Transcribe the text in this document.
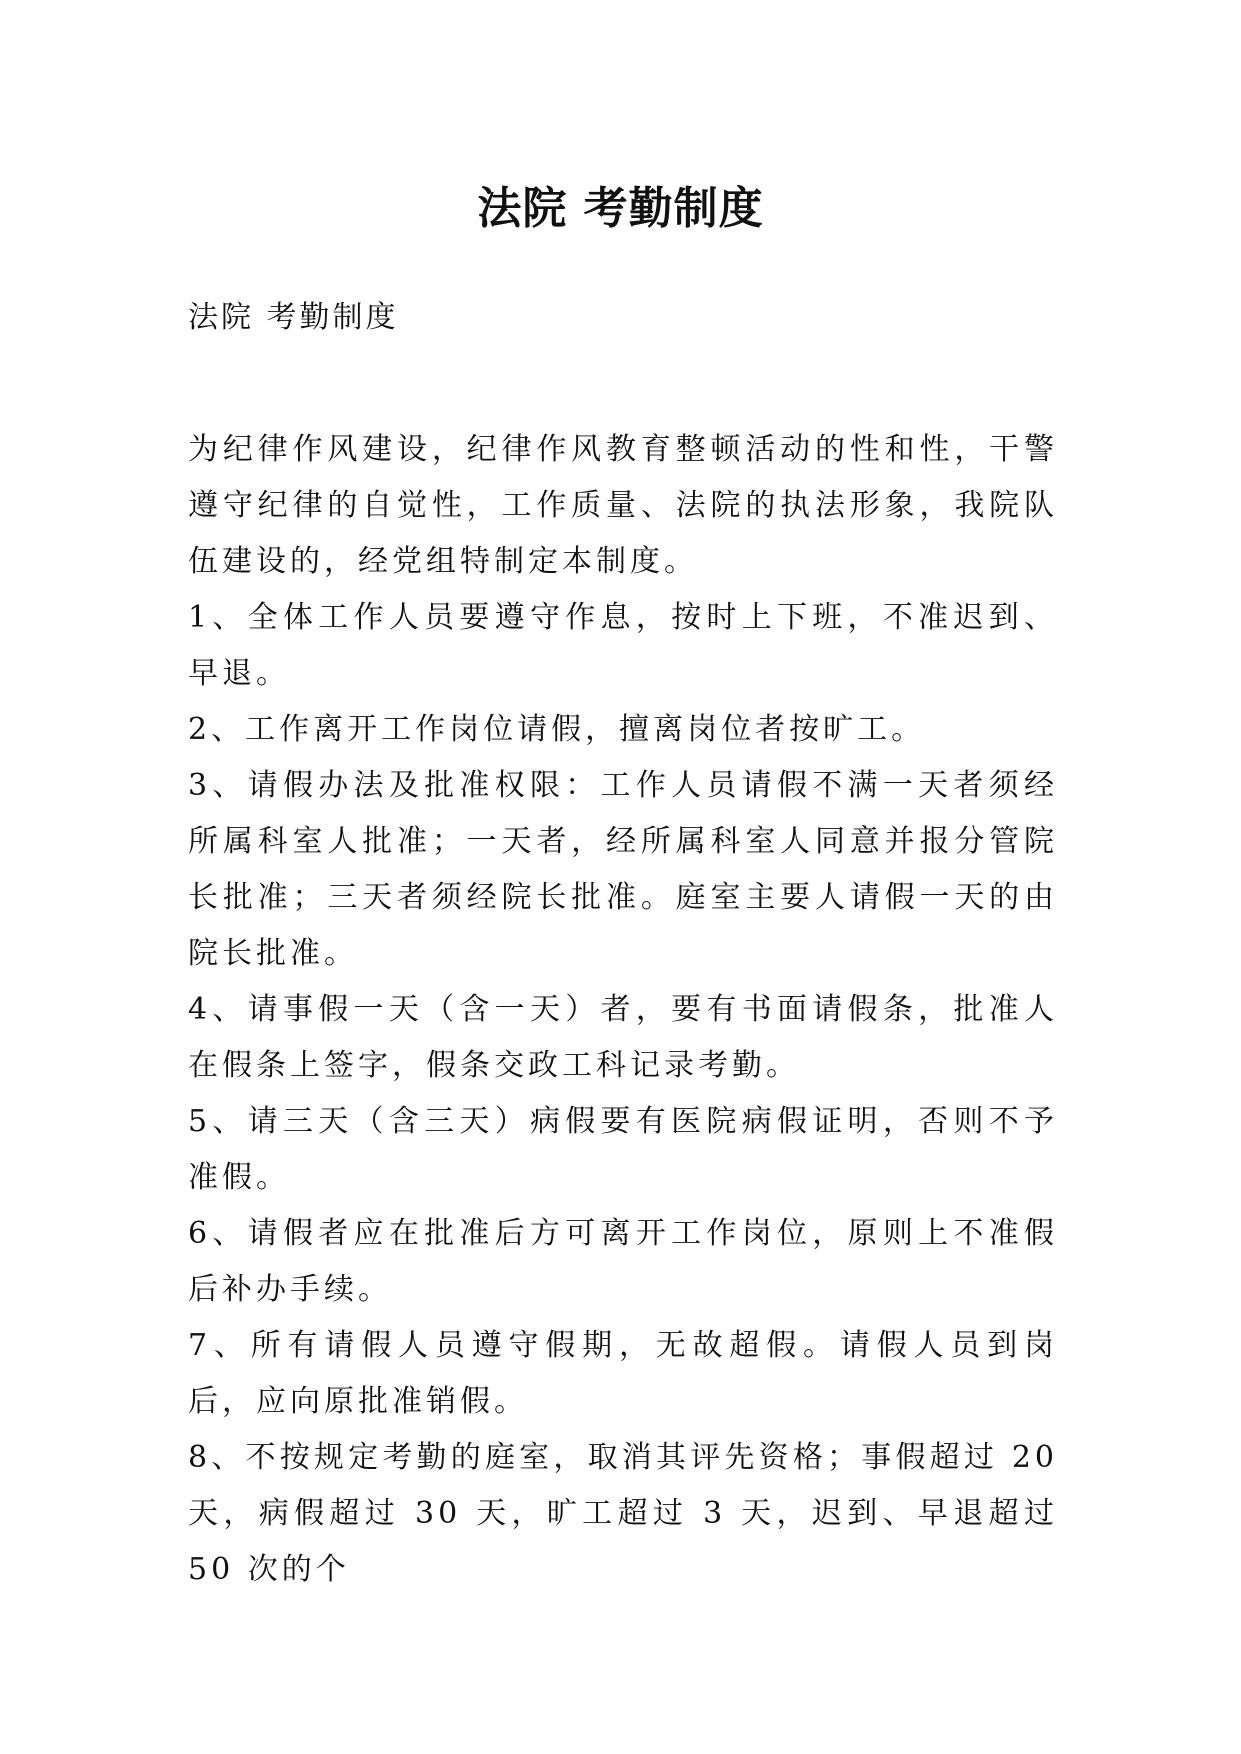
法院 考勤制度

法院 考勤制度

为纪律作风建设，纪律作风教育整顿活动的性和性，干警遵守纪律的自觉性，工作质量、法院的执法形象，我院队伍建设的，经党组特制定本制度。

1、全体工作人员要遵守作息，按时上下班，不准迟到、早退。

2、工作离开工作岗位请假，擅离岗位者按旷工。

3、请假办法及批准权限：工作人员请假不满一天者须经所属科室人批准；一天者，经所属科室人同意并报分管院长批准；三天者须经院长批准。庭室主要人请假一天的由院长批准。

4、请事假一天（含一天）者，要有书面请假条，批准人在假条上签字，假条交政工科记录考勤。

5、请三天（含三天）病假要有医院病假证明，否则不予准假。

6、请假者应在批准后方可离开工作岗位，原则上不准假后补办手续。

7、所有请假人员遵守假期，无故超假。请假人员到岗后，应向原批准销假。

8、不按规定考勤的庭室，取消其评先资格；事假超过 20 天，病假超过 30 天，旷工超过 3 天，迟到、早退超过 50 次的个
